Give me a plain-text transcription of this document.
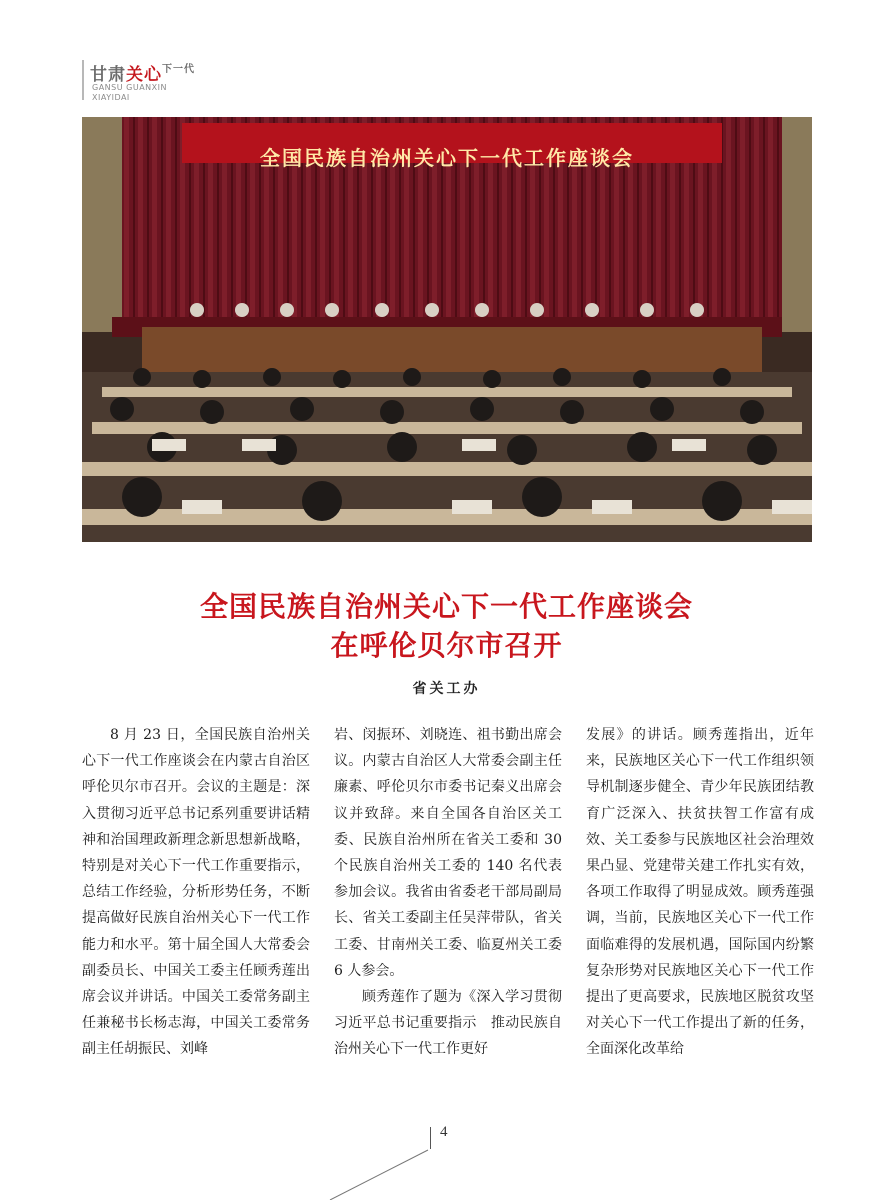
甘肃关心$^{下一代}$
GANSU GUANXIN
XIAYIDAI
全国民族自治州关心下一代工作座谈会
全国民族自治州关心下一代工作座谈会
在呼伦贝尔市召开
省关工办

8 月 23 日，全国民族自治州关心下一代工作座谈会在内蒙古自治区呼伦贝尔市召开。会议的主题是：深入贯彻习近平总书记系列重要讲话精神和治国理政新理念新思想新战略，特别是对关心下一代工作重要指示，总结工作经验，分析形势任务，不断提高做好民族自治州关心下一代工作能力和水平。第十届全国人大常委会副委员长、中国关工委主任顾秀莲出席会议并讲话。中国关工委常务副主任兼秘书长杨志海，中国关工委常务副主任胡振民、刘峰

岩、闵振环、刘晓连、祖书勤出席会议。内蒙古自治区人大常委会副主任廉素、呼伦贝尔市委书记秦义出席会议并致辞。来自全国各自治区关工委、民族自治州所在省关工委和 30 个民族自治州关工委的 140 名代表参加会议。我省由省委老干部局副局长、省关工委副主任吴萍带队，省关工委、甘南州关工委、临夏州关工委 6 人参会。

顾秀莲作了题为《深入学习贯彻习近平总书记重要指示　推动民族自治州关心下一代工作更好

发展》的讲话。顾秀莲指出，近年来，民族地区关心下一代工作组织领导机制逐步健全、青少年民族团结教育广泛深入、扶贫扶智工作富有成效、关工委参与民族地区社会治理效果凸显、党建带关建工作扎实有效，各项工作取得了明显成效。顾秀莲强调，当前，民族地区关心下一代工作面临难得的发展机遇，国际国内纷繁复杂形势对民族地区关心下一代工作提出了更高要求，民族地区脱贫攻坚对关心下一代工作提出了新的任务，全面深化改革给

4
